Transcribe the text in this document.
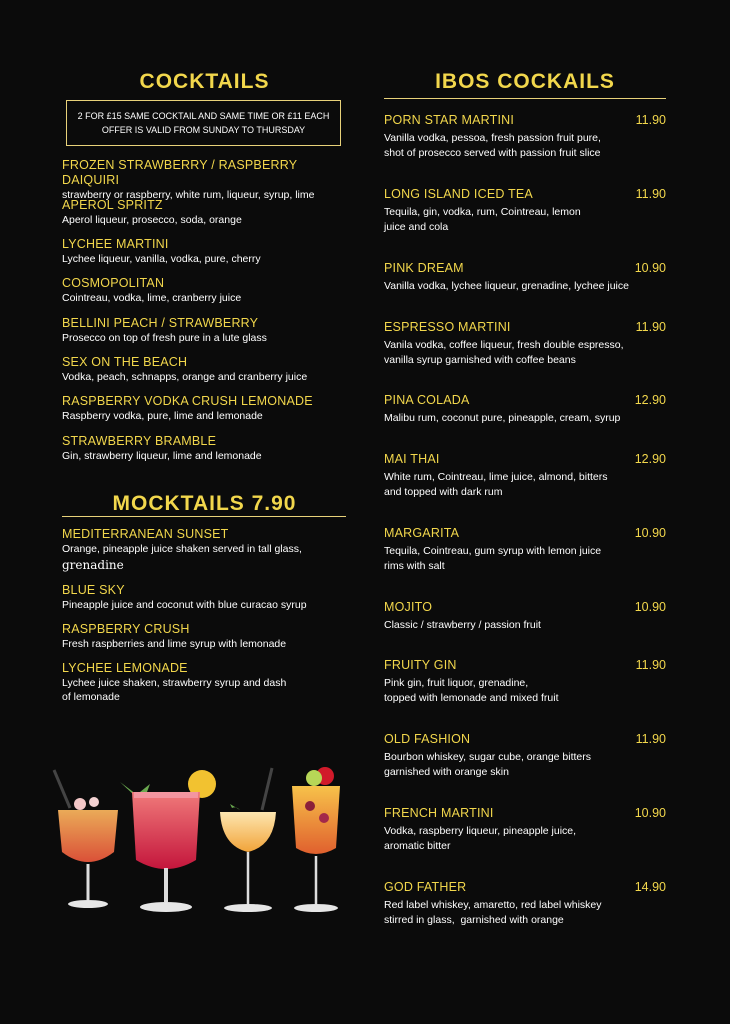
COCKTAILS
2 FOR £15 SAME COCKTAIL AND SAME TIME OR £11 EACH
OFFER IS VALID FROM SUNDAY TO THURSDAY
FROZEN STRAWBERRY / RASPBERRY DAIQUIRI
strawberry or raspberry, white rum, liqueur, syrup, lime
APEROL SPRITZ
Aperol liqueur, prosecco, soda, orange
LYCHEE MARTINI
Lychee liqueur, vanilla, vodka, pure, cherry
COSMOPOLITAN
Cointreau, vodka, lime, cranberry juice
BELLINI PEACH / STRAWBERRY
Prosecco on top of fresh pure in a lute glass
SEX ON THE BEACH
Vodka, peach, schnapps, orange and cranberry juice
RASPBERRY VODKA CRUSH LEMONADE
Raspberry vodka, pure, lime and lemonade
STRAWBERRY BRAMBLE
Gin, strawberry liqueur, lime and lemonade
MOCKTAILS 7.90
MEDITERRANEAN SUNSET
Orange, pineapple juice shaken served in tall glass,
grenadine
BLUE SKY
Pineapple juice and coconut with blue curacao syrup
RASPBERRY CRUSH
Fresh raspberries and lime syrup with lemonade
LYCHEE LEMONADE
Lychee juice shaken, strawberry syrup and dash
of lemonade
IBOS COCKAILS
PORN STAR MARTINI	11.90
Vanilla vodka, pessoa, fresh passion fruit pure,
shot of prosecco served with passion fruit slice
LONG ISLAND ICED TEA	11.90
Tequila, gin, vodka, rum, Cointreau, lemon
juice and cola
PINK DREAM	10.90
Vanilla vodka, lychee liqueur, grenadine, lychee juice
ESPRESSO MARTINI	11.90
Vanila vodka, coffee liqueur, fresh double espresso,
vanilla syrup garnished with coffee beans
PINA COLADA	12.90
Malibu rum, coconut pure, pineapple, cream, syrup
MAI THAI	12.90
White rum, Cointreau, lime juice, almond, bitters
and topped with dark rum
MARGARITA	10.90
Tequila, Cointreau, gum syrup with lemon juice
rims with salt
MOJITO	10.90
Classic / strawberry / passion fruit
FRUITY GIN	11.90
Pink gin, fruit liquor, grenadine,
topped with lemonade and mixed fruit
OLD FASHION	11.90
Bourbon whiskey, sugar cube, orange bitters
garnished with orange skin
FRENCH MARTINI	10.90
Vodka, raspberry liqueur, pineapple juice,
aromatic bitter
GOD FATHER	14.90
Red label whiskey, amaretto, red label whiskey
stirred in glass,  garnished with orange
